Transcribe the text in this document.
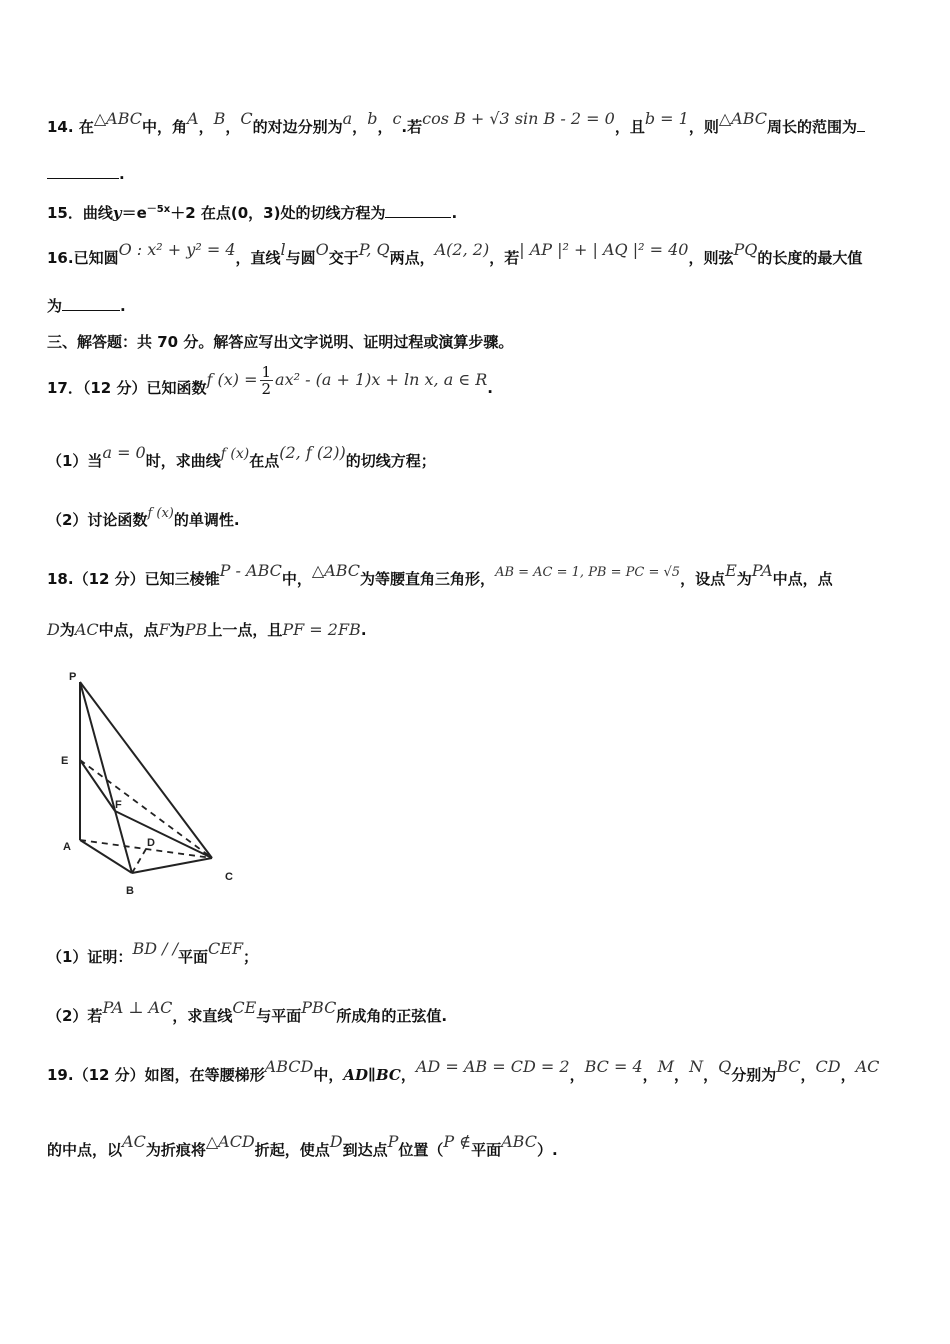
14. 在△ABC中，角A，B，C的对边分别为a，b，c.若cos B + √3 sin B - 2 = 0，且b = 1，则△ABC周长的范围为
.
15．曲线$y=e^{-5x}+2$ 在点(0，3)处的切线方程为	.
16.已知圆O : x² + y² = 4，直线l与圆O交于P, Q两点，A(2, 2)，若| AP |² + | AQ |² = 40，则弦PQ的长度的最大值
为	.
三、解答题：共 70 分。解答应写出文字说明、证明过程或演算步骤。
17．（12 分）已知函数f $(x) = \frac{1}{2} ax^2 - (a + 1)x + \ln x$, a ∈ R.
（1）当a = 0时，求曲线f (x)在点(2, f (2))的切线方程；
（2）讨论函数f (x)的单调性.
18.（12 分）已知三棱锥P - ABC中，△ABC为等腰直角三角形，AB = AC = 1, PB = PC = √5，设点E为PA中点，点
D为AC中点，点F为PB上一点，且PF = 2FB.
P
E
F
A	D
B
C
（1）证明：BD / /平面CEF；
（2）若PA ⊥ AC，求直线CE与平面PBC所成角的正弦值.
19.（12 分）如图，在等腰梯形ABCD中，AD∥BC，AD = AB = CD = 2，BC = 4，M，N，Q分别为BC，CD，AC
的中点，以AC为折痕将△ACD折起，使点D到达点P位置（P ∉平面ABC）.
